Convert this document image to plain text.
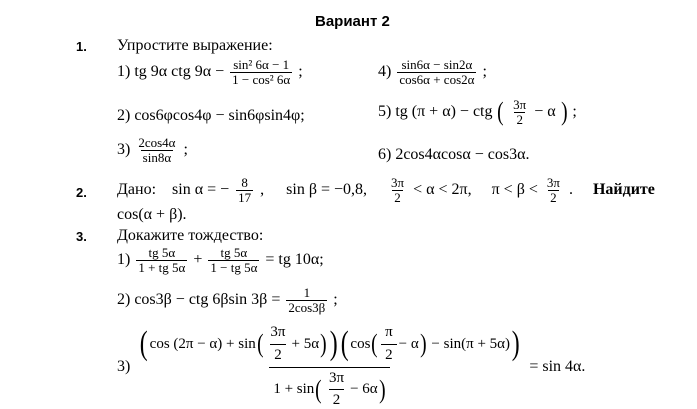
Вариант 2
1. Упростите выражение:
1) tg 9α ctg $9\alpha - \frac{\text{sin² 6α − 1}}{\text{1 − cos² 6α}}$ ;	$4) \frac{\sin 6\alpha - \sin 2\alpha}{\cos 6\alpha + \cos 2\alpha}$ ;
2) cos6φcos4φ − sin6φsin4φ;	5) tg (π + α) − ctg ( $\frac{3\pi}{2} - \alpha$ ) ;
$3) \frac{2\cos 4\alpha}{\sin 8\alpha}$ ;	6) 2cos4αcosα − cos3α.
2. Дано: sin α = − $\frac{8}{17}$ , sin β = −0,8, $\frac{3\pi}{2} < \alpha < 2\pi$, $\pi < \beta < \frac{3\pi}{2}$ . Найдите
cos(α + β).
3. Докажите тождество:
$1) \frac{tg 5\alpha}{1 + tg 5\alpha} + \frac{tg 5\alpha}{1 - tg 5\alpha}$ = tg 10α;
2) cos3β − ctg 6βsin $3\beta = \frac{1}{2\cos 3\beta}$ ;
3)
( cos (2π − α) + sin ( $\frac{3\pi}{2} + 5\alpha$ ) ) ( cos ( $\frac{\pi}{2} - \alpha$ ) − sin(π + 5α) )
1 + sin ( $\frac{3\pi}{2} - 6\alpha$ )
= sin 4α.
